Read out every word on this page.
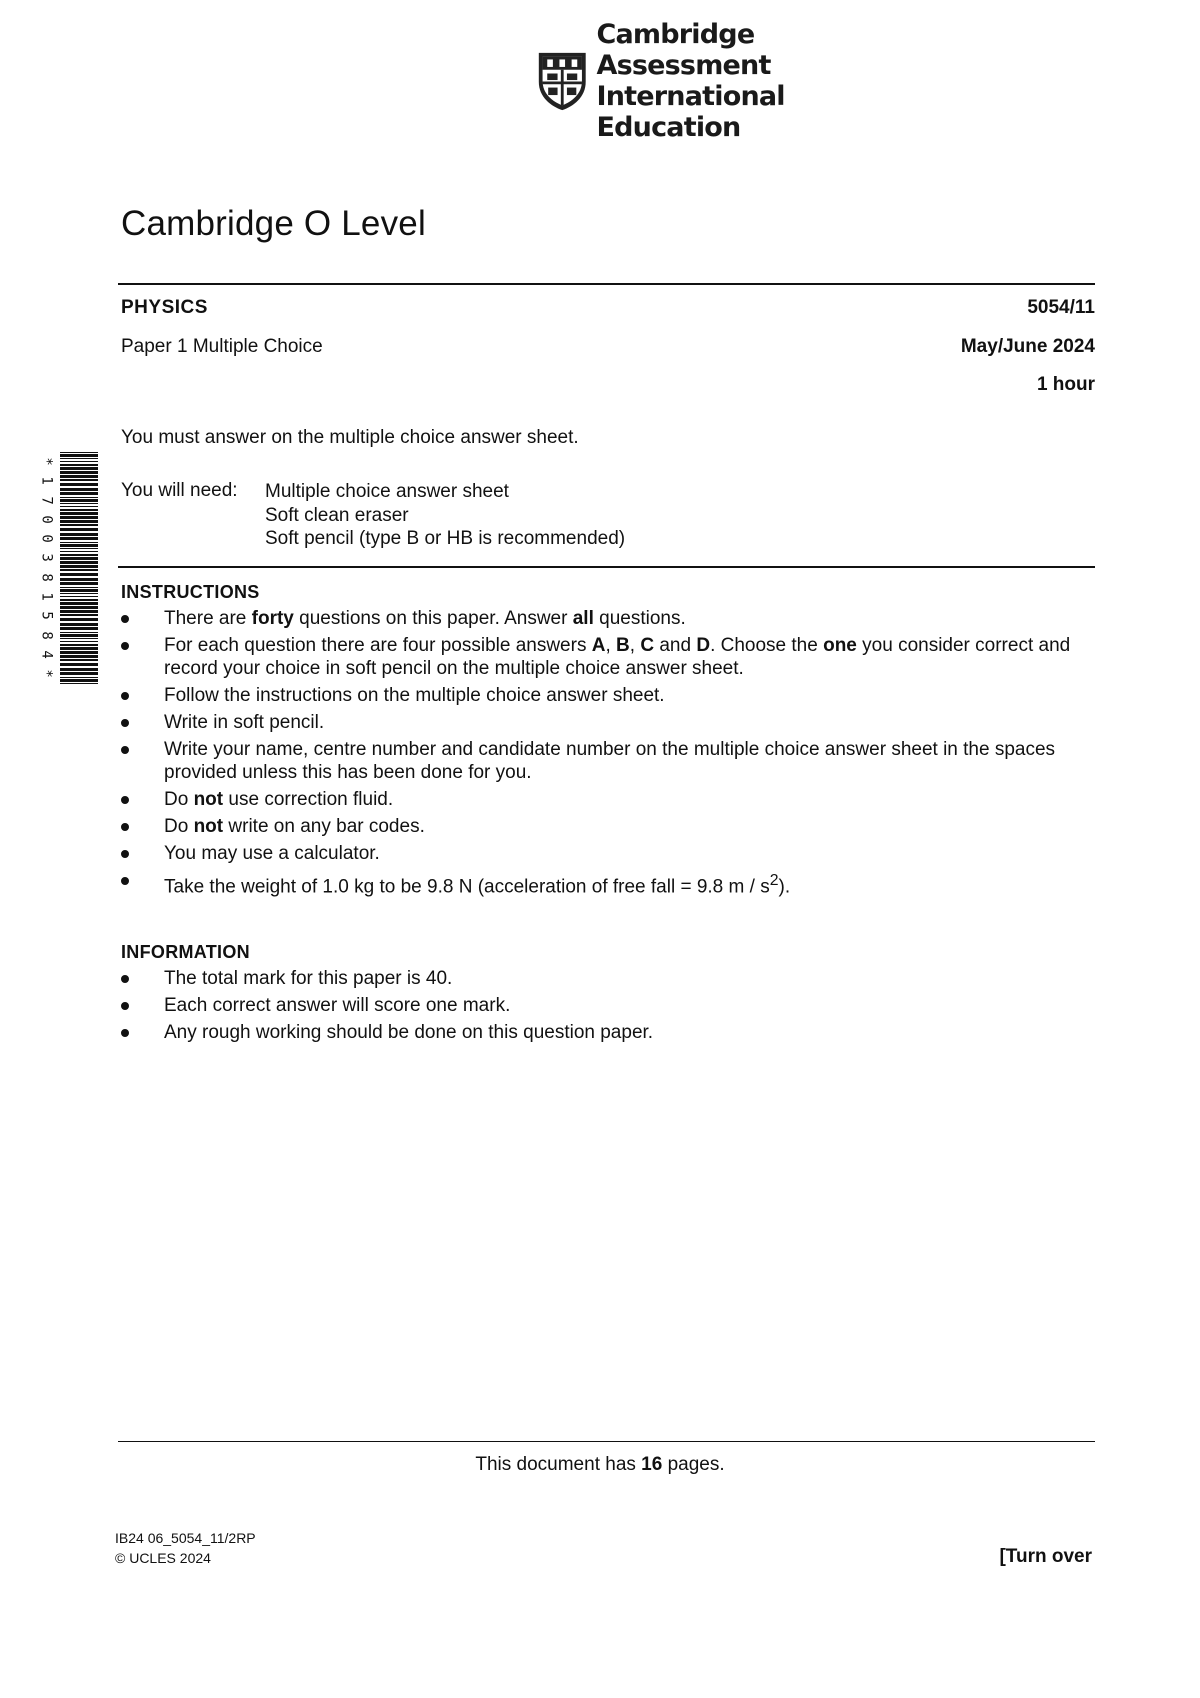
Cambridge Assessment
International Education
Cambridge O Level
PHYSICS	5054/11
Paper 1 Multiple Choice	May/June 2024
1 hour
You must answer on the multiple choice answer sheet.
You will need: Multiple choice answer sheet
Soft clean eraser
Soft pencil (type B or HB is recommended)
*
1
7
0
0
3
8
1
5
8
4
*
INSTRUCTIONS
There are forty questions on this paper. Answer all questions.
For each question there are four possible answers A, B, C and D. Choose the one you consider correct and record your choice in soft pencil on the multiple choice answer sheet.
Follow the instructions on the multiple choice answer sheet.
Write in soft pencil.
Write your name, centre number and candidate number on the multiple choice answer sheet in the spaces provided unless this has been done for you.
Do not use correction fluid.
Do not write on any bar codes.
You may use a calculator.
Take the weight of 1.0 kg to be 9.8 N (acceleration of free fall = 9.8 m / $s^2$).
INFORMATION
The total mark for this paper is 40.
Each correct answer will score one mark.
Any rough working should be done on this question paper.
This document has 16 pages.
IB24 06_5054_11/2RP
© UCLES 2024	[Turn over
